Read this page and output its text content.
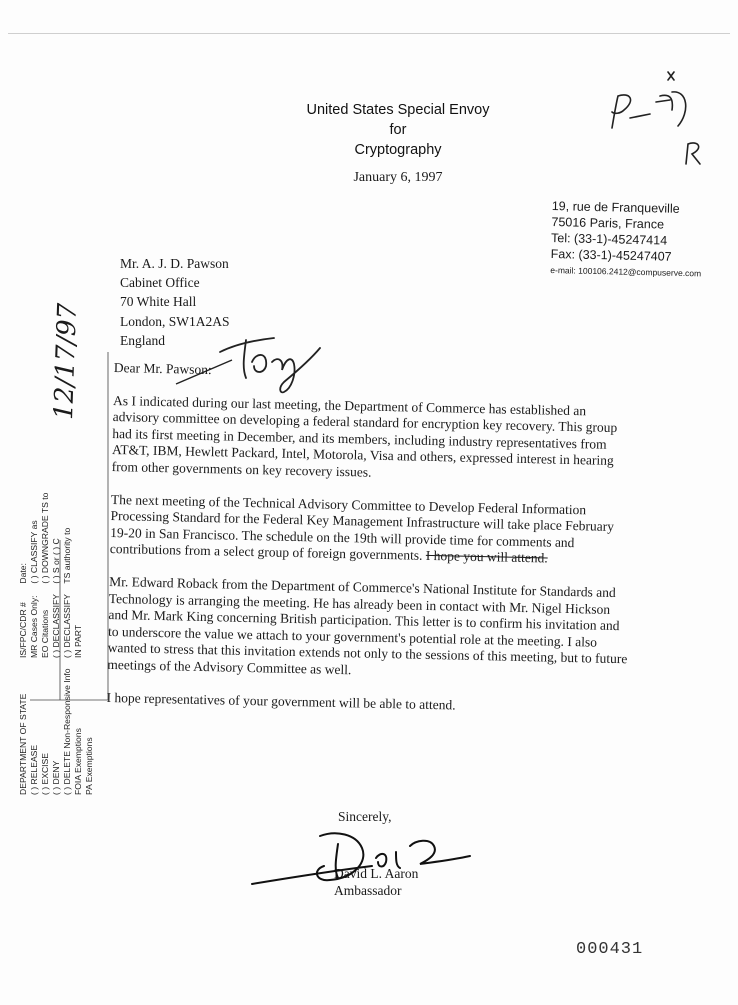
United States Special Envoy
for
Cryptography
January 6, 1997
19, rue de Franqueville
75016 Paris, France
Tel: (33-1)-45247414
Fax: (33-1)-45247407
e-mail: 100106.2412@compuserve.com
Mr. A. J. D. Pawson
Cabinet Office
70 White Hall
London, SW1A2AS
England

Dear Mr. Pawson:

As I indicated during our last meeting, the Department of Commerce has established an advisory committee on developing a federal standard for encryption key recovery. This group had its first meeting in December, and its members, including industry representatives from AT&T, IBM, Hewlett Packard, Intel, Motorola, Visa and others, expressed interest in hearing from other governments on key recovery issues.

The next meeting of the Technical Advisory Committee to Develop Federal Information Processing Standard for the Federal Key Management Infrastructure will take place February 19-20 in San Francisco. The schedule on the 19th will provide time for comments and contributions from a select group of foreign governments. I hope you will attend.

Mr. Edward Roback from the Department of Commerce's National Institute for Standards and Technology is arranging the meeting. He has already been in contact with Mr. Nigel Hickson and Mr. Mark King concerning British participation. This letter is to confirm his invitation and to underscore the value we attach to your government's potential role at the meeting. I also wanted to stress that this invitation extends not only to the sessions of this meeting, but to future meetings of the Advisory Committee as well.

I hope representatives of your government will be able to attend.

Sincerely,
David L. Aaron
Ambassador
DEPARTMENT OF STATE ( ) RELEASE ( ) EXCISE ( ) DENY ( ) DELETE Non-Responsive Info FOIA Exemptions PA Exemptions

IS/FPC/CDR # MR Cases Only: EO Citations ( ) DECLASSIFY ( ) DECLASSIFY IN PART

Date: ( ) CLASSIFY as ( ) DOWNGRADE TS to ( ) S or ( ) C TS authority to
000431
12/17/97
